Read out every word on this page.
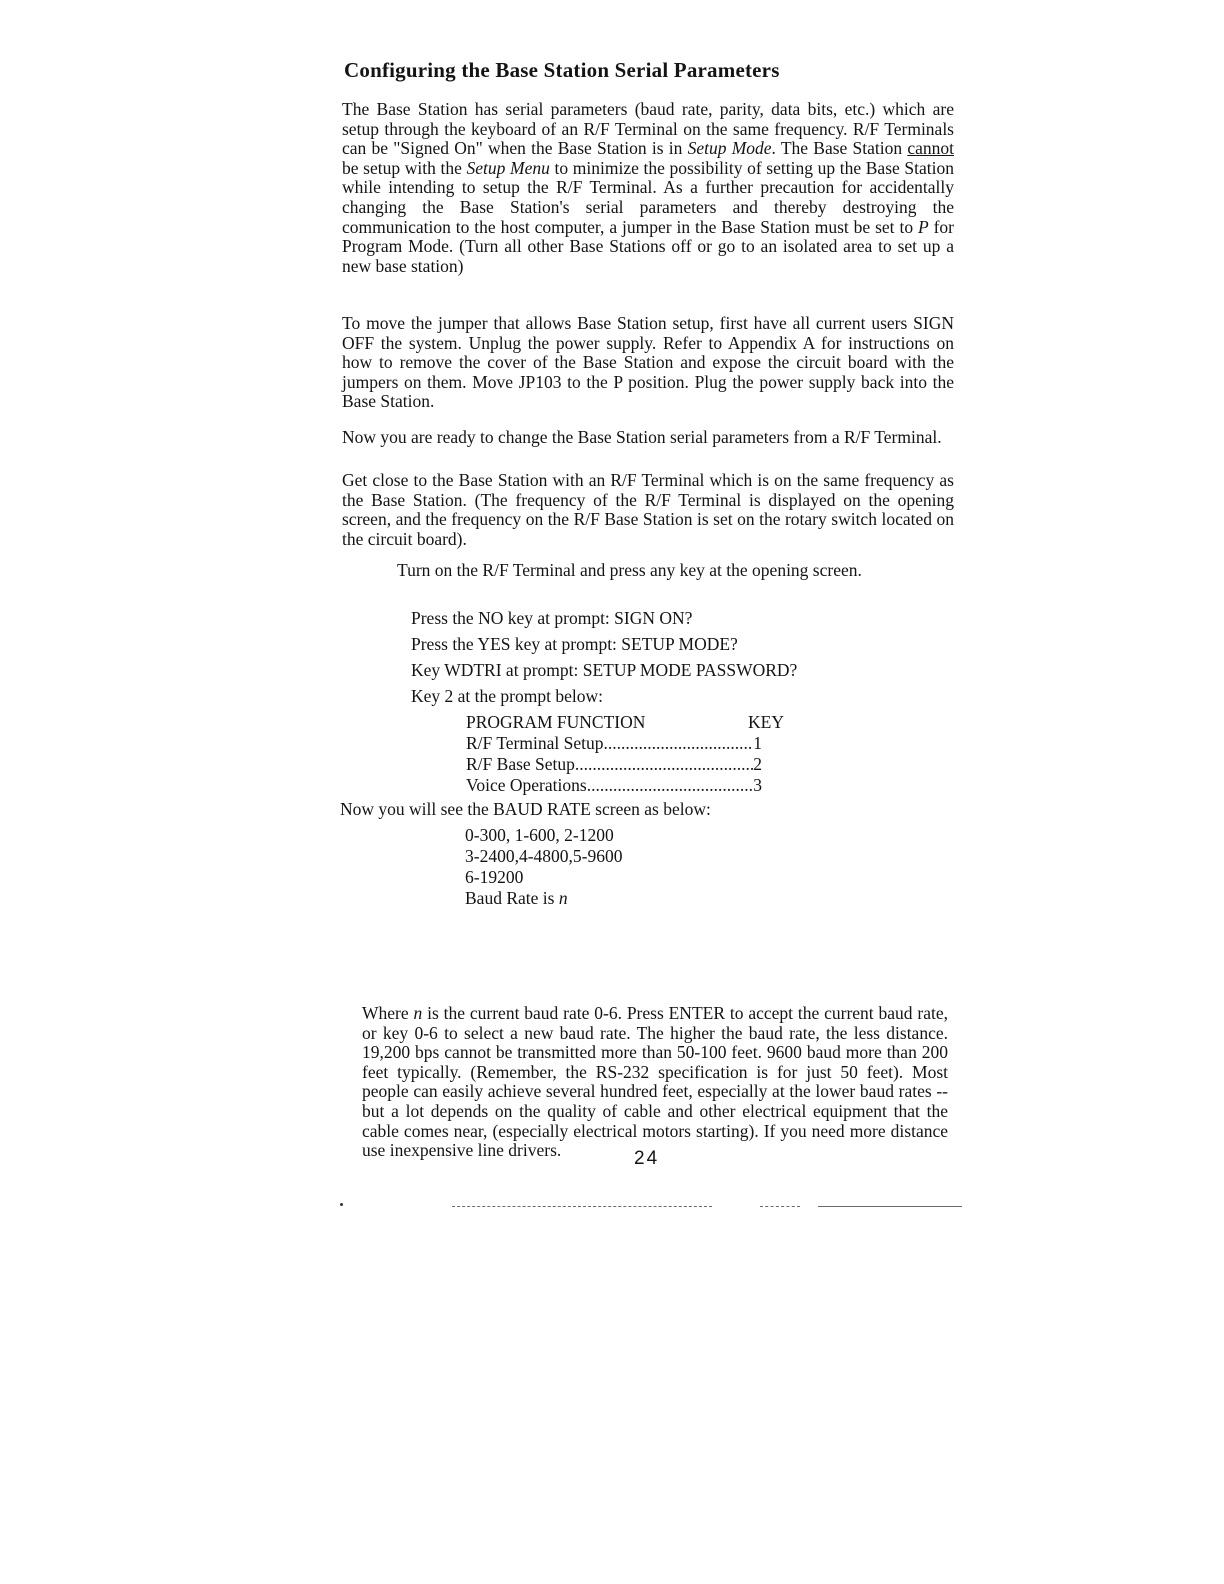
Configuring the Base Station Serial Parameters

The Base Station has serial parameters (baud rate, parity, data bits, etc.) which are setup through the keyboard of an R/F Terminal on the same frequency. R/F Terminals can be "Signed On" when the Base Station is in Setup Mode. The Base Station cannot be setup with the Setup Menu to minimize the possibility of setting up the Base Station while intending to setup the R/F Terminal. As a further precaution for accidentally changing the Base Station's serial parameters and thereby destroying the communication to the host computer, a jumper in the Base Station must be set to P for Program Mode. (Turn all other Base Stations off or go to an isolated area to set up a new base station)

To move the jumper that allows Base Station setup, first have all current users SIGN OFF the system. Unplug the power supply. Refer to Appendix A for instructions on how to remove the cover of the Base Station and expose the circuit board with the jumpers on them. Move JP103 to the P position. Plug the power supply back into the Base Station.

Now you are ready to change the Base Station serial parameters from a R/F Terminal.

Get close to the Base Station with an R/F Terminal which is on the same frequency as the Base Station. (The frequency of the R/F Terminal is displayed on the opening screen, and the frequency on the R/F Base Station is set on the rotary switch located on the circuit board).

Turn on the R/F Terminal and press any key at the opening screen.

Press the NO key at prompt: SIGN ON?

Press the YES key at prompt: SETUP MODE?

Key WDTRI at prompt: SETUP MODE PASSWORD?

Key 2 at the prompt below:

PROGRAM FUNCTION	KEY
R/F Terminal Setup .....	1
R/F Base Setup .....	2
Voice Operations .....	3

Now you will see the BAUD RATE screen as below:

0-300, 1-600, 2-1200
3-2400,4-4800,5-9600
6-19200
Baud Rate is n

Where n is the current baud rate 0-6. Press ENTER to accept the current baud rate, or key 0-6 to select a new baud rate. The higher the baud rate, the less distance. 19,200 bps cannot be transmitted more than 50-100 feet. 9600 baud more than 200 feet typically. (Remember, the RS-232 specification is for just 50 feet). Most people can easily achieve several hundred feet, especially at the lower baud rates -- but a lot depends on the quality of cable and other electrical equipment that the cable comes near, (especially electrical motors starting). If you need more distance use inexpensive line drivers.	24
